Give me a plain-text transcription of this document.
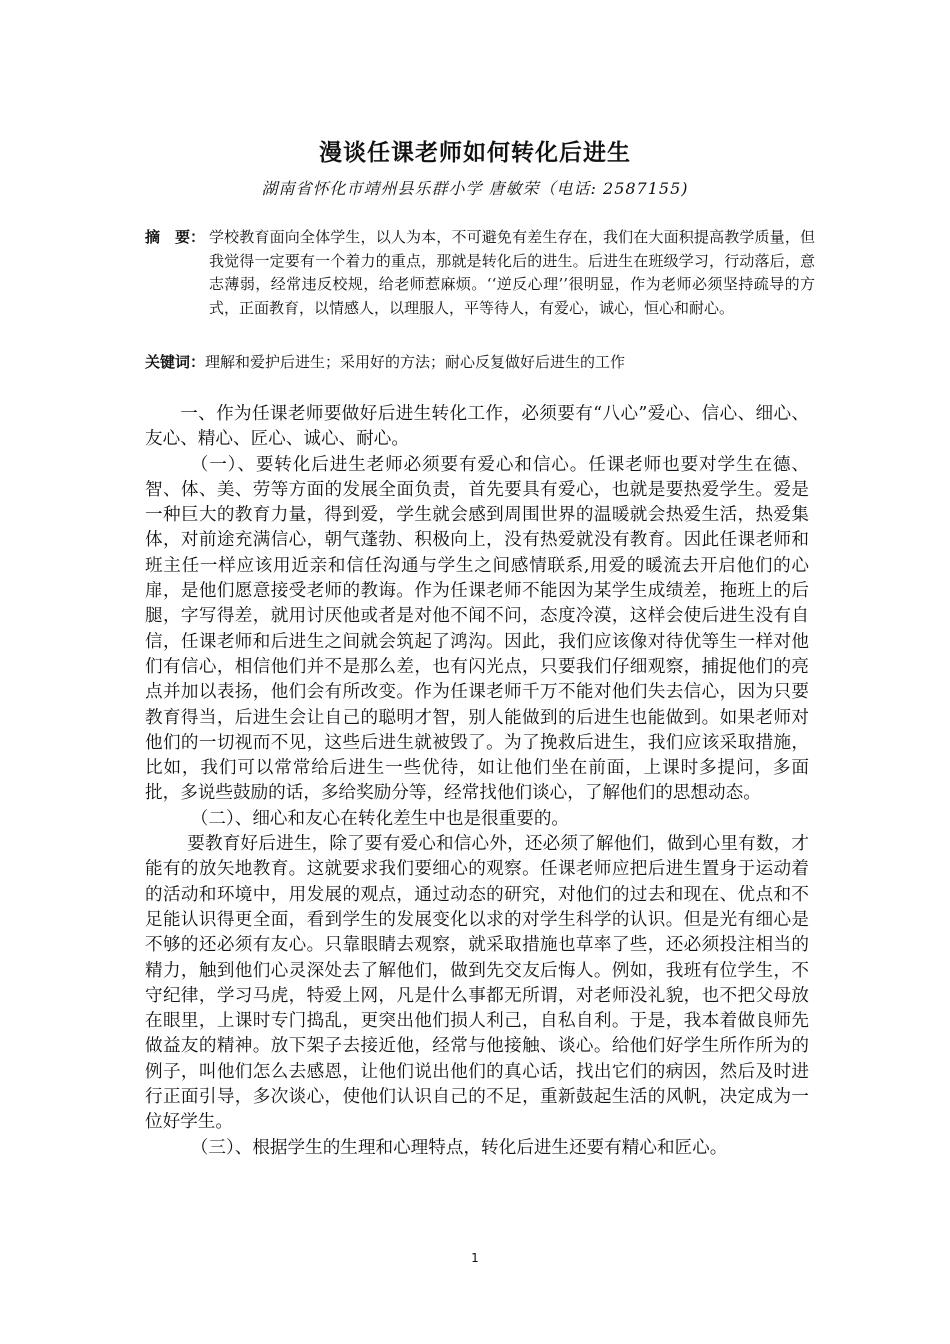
漫谈任课老师如何转化后进生
湖南省怀化市靖州县乐群小学 唐敏荣（电话: 2587155)
摘　要： 学校教育面向全体学生，以人为本，不可避免有差生存在，我们在大面积提高教学质量，但我觉得一定要有一个着力的重点，那就是转化后的进生。后进生在班级学习，行动落后，意志薄弱，经常违反校规，给老师惹麻烦。‘‘逆反心理’’很明显，作为老师必须坚持疏导的方式，正面教育，以情感人，以理服人，平等待人，有爱心，诚心，恒心和耐心。
关键词：理解和爱护后进生；采用好的方法；耐心反复做好后进生的工作

一、作为任课老师要做好后进生转化工作，必须要有“八心”爱心、信心、细心、友心、精心、匠心、诚心、耐心。

（一）、要转化后进生老师必须要有爱心和信心。任课老师也要对学生在德、智、体、美、劳等方面的发展全面负责，首先要具有爱心，也就是要热爱学生。爱是一种巨大的教育力量，得到爱，学生就会感到周围世界的温暖就会热爱生活，热爱集体，对前途充满信心，朝气蓬勃、积极向上，没有热爱就没有教育。因此任课老师和班主任一样应该用近亲和信任沟通与学生之间感情联系,用爱的暖流去开启他们的心扉，是他们愿意接受老师的教诲。作为任课老师不能因为某学生成绩差，拖班上的后腿，字写得差，就用讨厌他或者是对他不闻不问，态度冷漠，这样会使后进生没有自信，任课老师和后进生之间就会筑起了鸿沟。因此，我们应该像对待优等生一样对他们有信心，相信他们并不是那么差，也有闪光点，只要我们仔细观察，捕捉他们的亮点并加以表扬，他们会有所改变。作为任课老师千万不能对他们失去信心，因为只要教育得当，后进生会让自己的聪明才智，别人能做到的后进生也能做到。如果老师对他们的一切视而不见，这些后进生就被毁了。为了挽救后进生，我们应该采取措施，比如，我们可以常常给后进生一些优待，如让他们坐在前面，上课时多提问，多面批，多说些鼓励的话，多给奖励分等，经常找他们谈心，了解他们的思想动态。

（二）、细心和友心在转化差生中也是很重要的。

要教育好后进生，除了要有爱心和信心外，还必须了解他们，做到心里有数，才能有的放矢地教育。这就要求我们要细心的观察。任课老师应把后进生置身于运动着的活动和环境中，用发展的观点，通过动态的研究，对他们的过去和现在、优点和不足能认识得更全面，看到学生的发展变化以求的对学生科学的认识。但是光有细心是不够的还必须有友心。只靠眼睛去观察，就采取措施也草率了些，还必须投注相当的精力，触到他们心灵深处去了解他们，做到先交友后悔人。例如，我班有位学生，不守纪律，学习马虎，特爱上网，凡是什么事都无所谓，对老师没礼貌，也不把父母放在眼里，上课时专门捣乱，更突出他们损人利己，自私自利。于是，我本着做良师先做益友的精神。放下架子去接近他，经常与他接触、谈心。给他们好学生所作所为的例子，叫他们怎么去感恩，让他们说出他们的真心话，找出它们的病因，然后及时进行正面引导，多次谈心，使他们认识自己的不足，重新鼓起生活的风帆，决定成为一位好学生。

（三）、根据学生的生理和心理特点，转化后进生还要有精心和匠心。

1
